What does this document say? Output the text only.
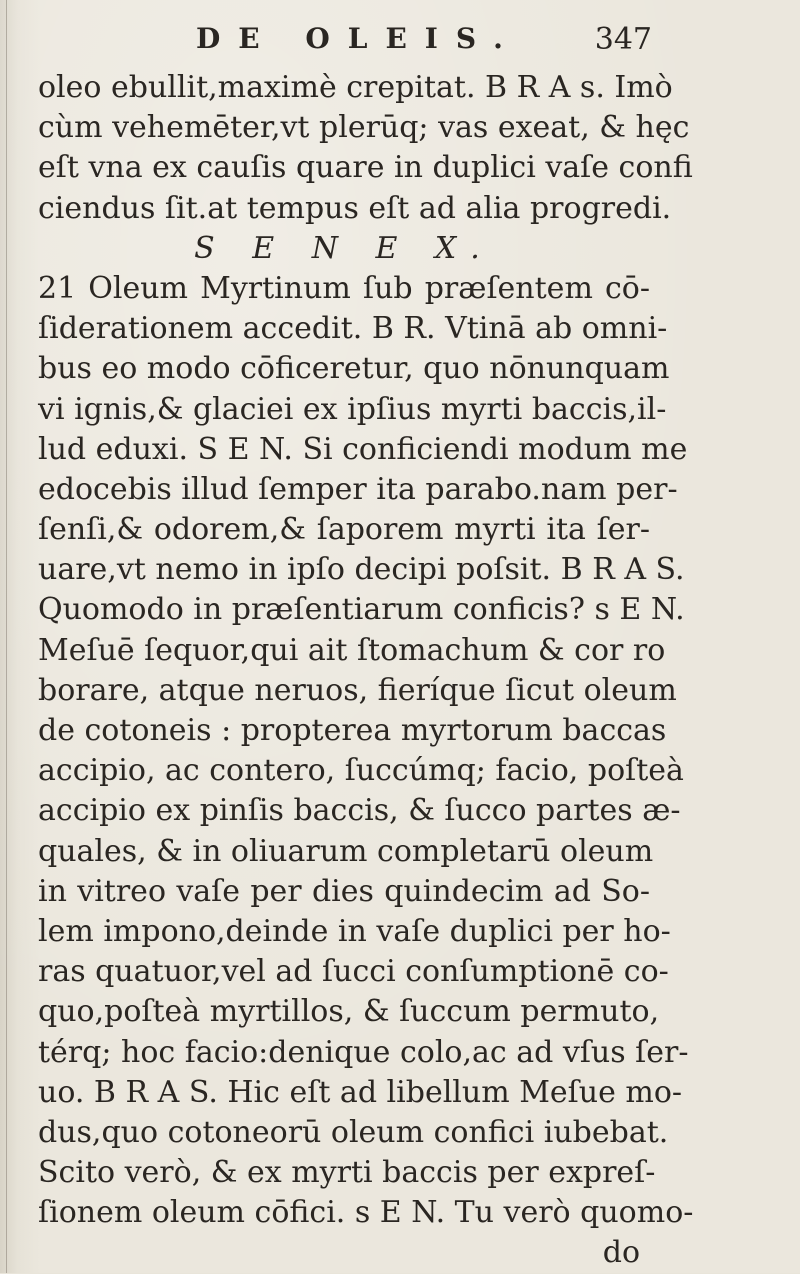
DE OLEIS. 347
oleo ebullit,maximè crepitat. B R A s. Imò
cùm vehemēter,vt plerūq; vas exeat, & hęc
eſt vna ex cauſis quare in duplici vaſe confi
ciendus ſit.at tempus eſt ad alia progredi.
S E N E X.
21 Oleum Myrtinum ſub præſentem cō-
ſiderationem accedit. B R. Vtinā ab omni-
bus eo modo cōficeretur, quo nōnunquam
vi ignis,& glaciei ex ipſius myrti baccis,il-
lud eduxi. S E N. Si conficiendi modum me
edocebis illud ſemper ita parabo.nam per-
ſenſi,& odorem,& ſaporem myrti ita ſer-
uare,vt nemo in ipſo decipi poſsit. B R A S.
Quomodo in præſentiarum conficis? s E N.
Meſuē ſequor,qui ait ſtomachum & cor ro
borare, atque neruos, fieríque ſicut oleum
de cotoneis : propterea myrtorum baccas
accipio, ac contero, ſuccúmq; facio, poſteà
accipio ex pinſis baccis, & ſucco partes æ-
quales, & in oliuarum completarū oleum
in vitreo vaſe per dies quindecim ad So-
lem impono,deinde in vaſe duplici per ho-
ras quatuor,vel ad ſucci conſumptionē co-
quo,poſteà myrtillos, & ſuccum permuto,
térq; hoc facio:denique colo,ac ad vſus ſer-
uo. B R A S. Hic eſt ad libellum Meſue mo-
dus,quo cotoneorū oleum confici iubebat.
Scito verò, & ex myrti baccis per expreſ-
ſionem oleum cōfici. s E N. Tu verò quomo-
do
